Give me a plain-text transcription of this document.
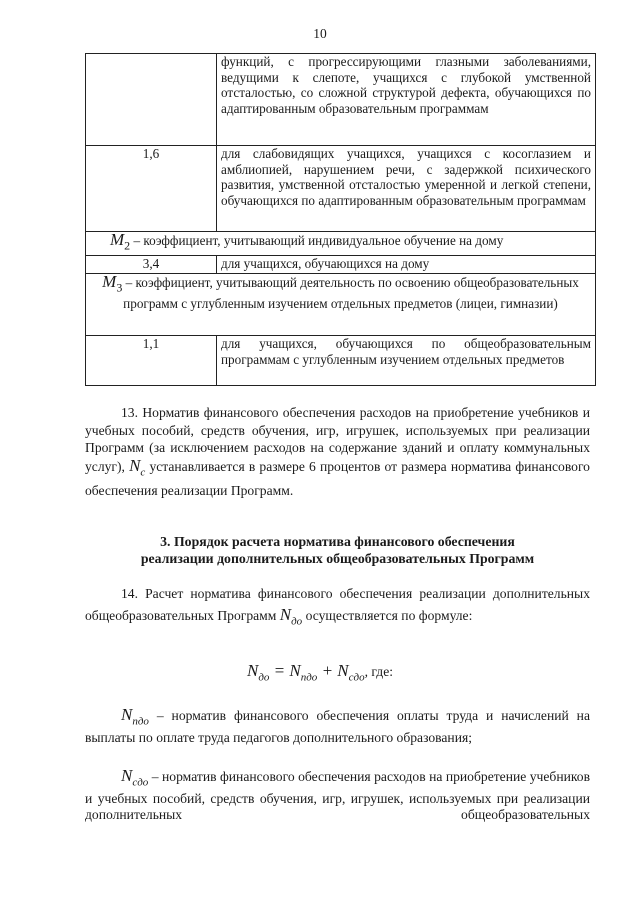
10
	функций, с прогрессирующими глазными заболеваниями, ведущими к слепоте, учащихся с глубокой умственной отсталостью, со сложной структурой дефекта, обучающихся по адаптированным образовательным программам
1,6	для слабовидящих учащихся, учащихся с косоглазием и амблиопией, нарушением речи, с задержкой психического развития, умственной отсталостью умеренной и легкой степени, обучающихся по адаптированным образовательным программам
$M_2$ – коэффициент, учитывающий индивидуальное обучение на дому	
3,4	для учащихся, обучающихся на дому
$M_3$ – коэффициент, учитывающий деятельность по освоению общеобразовательных программ с углубленным изучением отдельных предметов (лицеи, гимназии)	
1,1	для учащихся, обучающихся по общеобразовательным программам с углубленным изучением отдельных предметов

13. Норматив финансового обеспечения расходов на приобретение учебников и учебных пособий, средств обучения, игр, игрушек, используемых при реализации Программ (за исключением расходов на содержание зданий и оплату коммунальных услуг), $N_c$ устанавливается в размере 6 процентов от размера норматива финансового обеспечения реализации Программ.

3. Порядок расчета норматива финансового обеспечения
реализации дополнительных общеобразовательных Программ

14. Расчет норматива финансового обеспечения реализации дополнительных общеобразовательных Программ $N_{до}$ осуществляется по формуле:

$N_{до} = N_{пдо} + N_{сдо}$, где:

$N_{пдо}$ – норматив финансового обеспечения оплаты труда и начислений на выплаты по оплате труда педагогов дополнительного образования;

$N_{сдо}$ – норматив финансового обеспечения расходов на приобретение учебников и учебных пособий, средств обучения, игр, игрушек, используемых при реализации дополнительных общеобразовательных
